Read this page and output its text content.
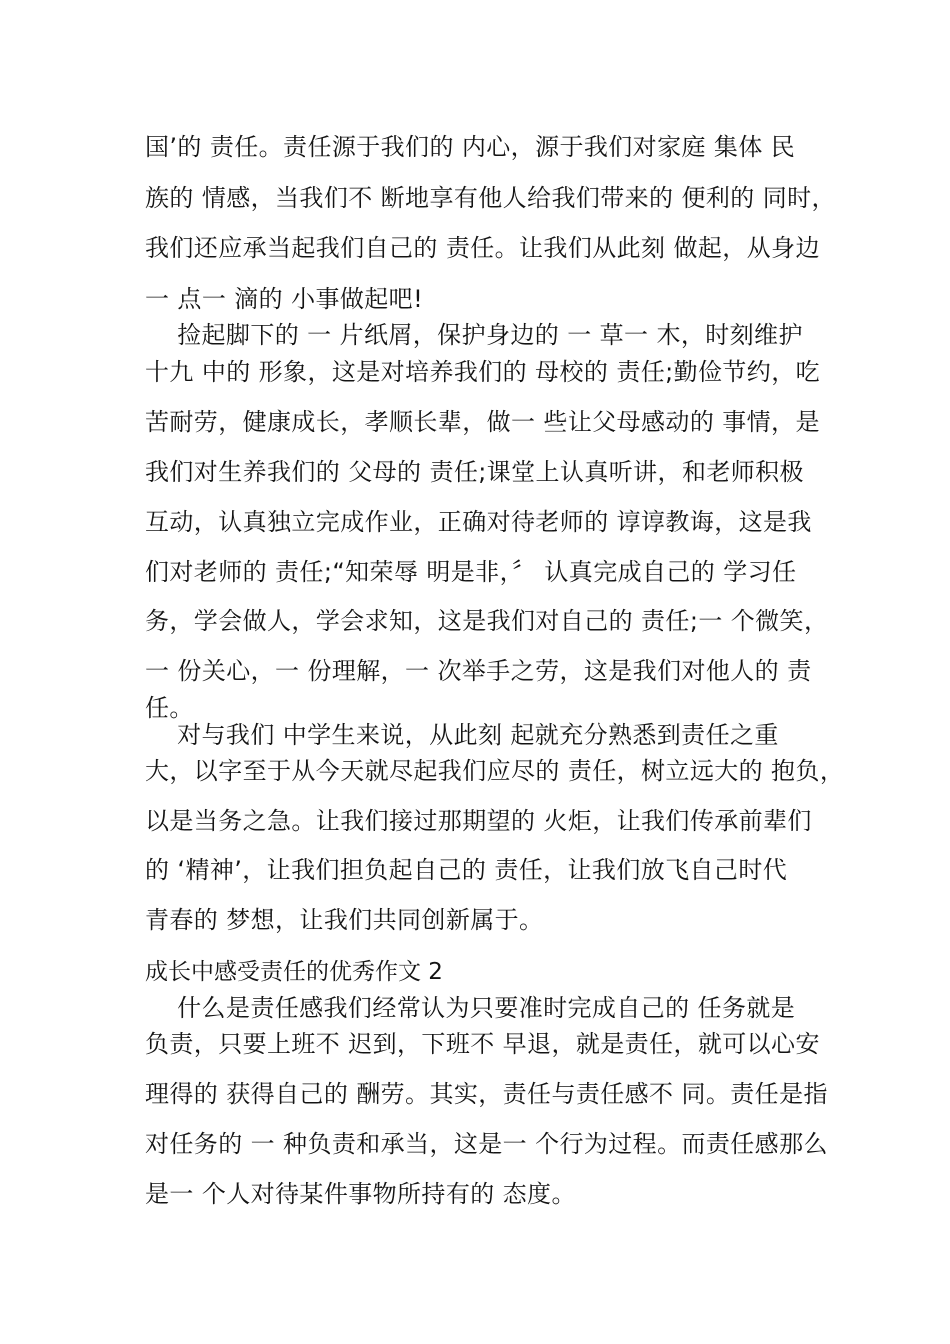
国’的 责任。责任源于我们的 内心，源于我们对家庭 集体 民
族的 情感，当我们不 断地享有他人给我们带来的 便利的 同时，
我们还应承当起我们自己的 责任。让我们从此刻 做起，从身边
一 点一 滴的 小事做起吧!
捡起脚下的 一 片纸屑，保护身边的 一 草一 木，时刻维护
十九 中的 形象，这是对培养我们的 母校的 责任;勤俭节约，吃
苦耐劳，健康成长，孝顺长辈，做一 些让父母感动的 事情，是
我们对生养我们的 父母的 责任;课堂上认真听讲，和老师积极
互动，认真独立完成作业，正确对待老师的 谆谆教诲，这是我
们对老师的 责任;“知荣辱 明是非，〞 认真完成自己的 学习任
务，学会做人，学会求知，这是我们对自己的 责任;一 个微笑，
一 份关心，一 份理解，一 次举手之劳，这是我们对他人的 责
任。
对与我们 中学生来说，从此刻 起就充分熟悉到责任之重
大，以字至于从今天就尽起我们应尽的 责任，树立远大的 抱负，
以是当务之急。让我们接过那期望的 火炬，让我们传承前辈们
的 ‘精神’，让我们担负起自己的 责任，让我们放飞自己时代
青春的 梦想，让我们共同创新属于。
成长中感受责任的优秀作文 2
什么是责任感我们经常认为只要准时完成自己的 任务就是
负责，只要上班不 迟到，下班不 早退，就是责任，就可以心安
理得的 获得自己的 酬劳。其实，责任与责任感不 同。责任是指
对任务的 一 种负责和承当，这是一 个行为过程。而责任感那么
是一 个人对待某件事物所持有的 态度。
